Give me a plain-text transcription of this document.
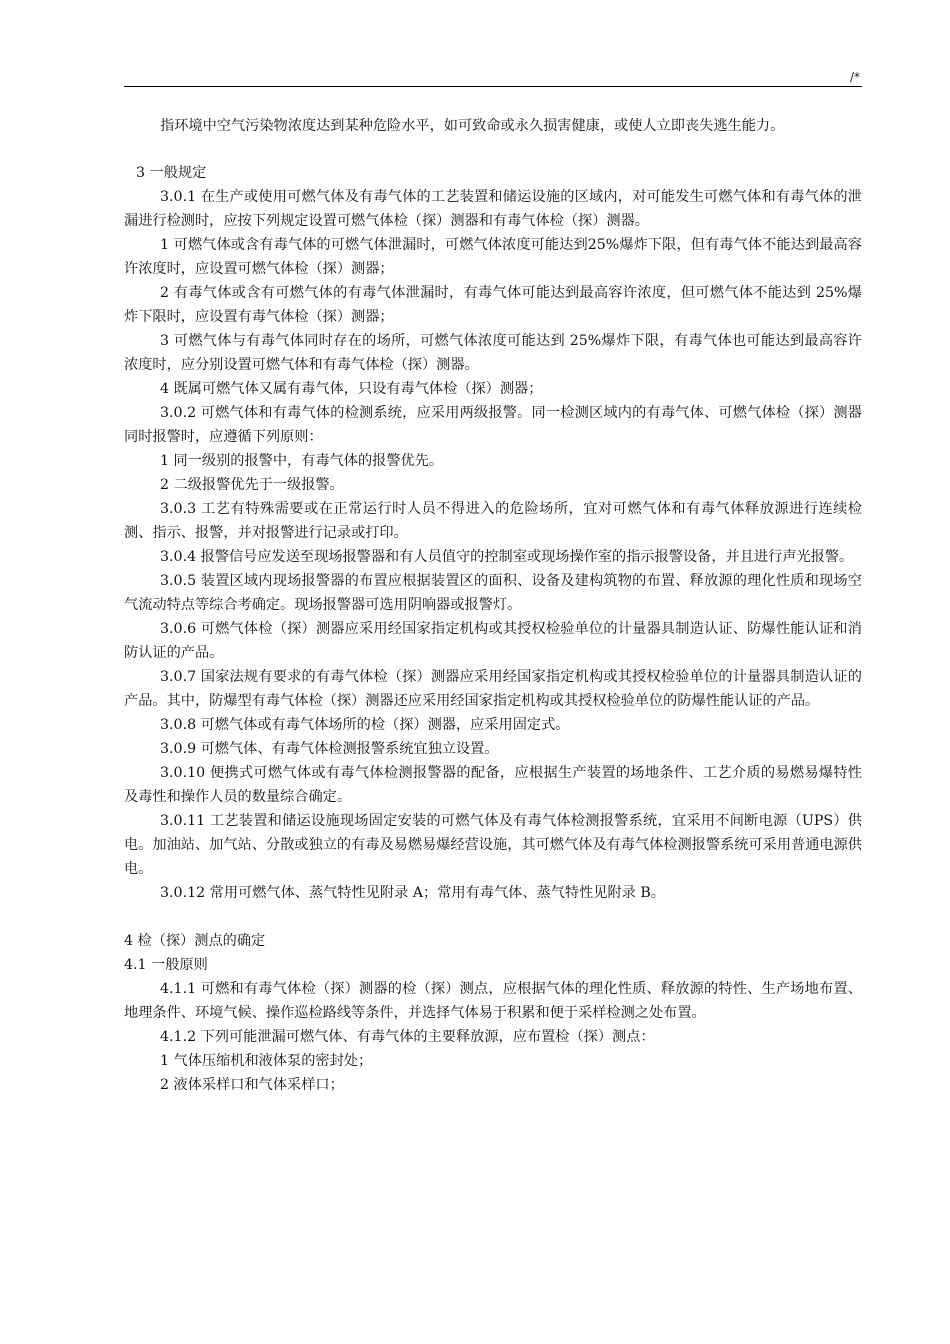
/*

指环境中空气污染物浓度达到某种危险水平，如可致命或永久损害健康，或使人立即丧失逃生能力。

3 一般规定

3.0.1 在生产或使用可燃气体及有毒气体的工艺装置和储运设施的区域内，对可能发生可燃气体和有毒气体的泄漏进行检测时，应按下列规定设置可燃气体检（探）测器和有毒气体检（探）测器。

1 可燃气体或含有毒气体的可燃气体泄漏时，可燃气体浓度可能达到25%爆炸下限，但有毒气体不能达到最高容许浓度时，应设置可燃气体检（探）测器；

2 有毒气体或含有可燃气体的有毒气体泄漏时，有毒气体可能达到最高容许浓度，但可燃气体不能达到 25%爆炸下限时，应设置有毒气体检（探）测器；

3 可燃气体与有毒气体同时存在的场所，可燃气体浓度可能达到 25%爆炸下限，有毒气体也可能达到最高容许浓度时，应分别设置可燃气体和有毒气体检（探）测器。

4 既属可燃气体又属有毒气体，只设有毒气体检（探）测器；

3.0.2 可燃气体和有毒气体的检测系统，应采用两级报警。同一检测区域内的有毒气体、可燃气体检（探）测器同时报警时，应遵循下列原则：

1 同一级别的报警中，有毒气体的报警优先。

2 二级报警优先于一级报警。

3.0.3 工艺有特殊需要或在正常运行时人员不得进入的危险场所，宜对可燃气体和有毒气体释放源进行连续检测、指示、报警，并对报警进行记录或打印。

3.0.4 报警信号应发送至现场报警器和有人员值守的控制室或现场操作室的指示报警设备，并且进行声光报警。

3.0.5 装置区域内现场报警器的布置应根据装置区的面积、设备及建构筑物的布置、释放源的理化性质和现场空气流动特点等综合考确定。现场报警器可选用阴响器或报警灯。

3.0.6 可燃气体检（探）测器应采用经国家指定机构或其授权检验单位的计量器具制造认证、防爆性能认证和消防认证的产品。

3.0.7 国家法规有要求的有毒气体检（探）测器应采用经国家指定机构或其授权检验单位的计量器具制造认证的产品。其中，防爆型有毒气体检（探）测器还应采用经国家指定机构或其授权检验单位的防爆性能认证的产品。

3.0.8 可燃气体或有毒气体场所的检（探）测器，应采用固定式。

3.0.9 可燃气体、有毒气体检测报警系统宜独立设置。

3.0.10 便携式可燃气体或有毒气体检测报警器的配备，应根据生产装置的场地条件、工艺介质的易燃易爆特性及毒性和操作人员的数量综合确定。

3.0.11 工艺装置和储运设施现场固定安装的可燃气体及有毒气体检测报警系统，宜采用不间断电源（UPS）供电。加油站、加气站、分散或独立的有毒及易燃易爆经营设施，其可燃气体及有毒气体检测报警系统可采用普通电源供电。

3.0.12 常用可燃气体、蒸气特性见附录 A；常用有毒气体、蒸气特性见附录 B。

4 检（探）测点的确定

4.1 一般原则

4.1.1 可燃和有毒气体检（探）测器的检（探）测点，应根据气体的理化性质、释放源的特性、生产场地布置、地理条件、环境气候、操作巡检路线等条件，并选择气体易于积累和便于采样检测之处布置。

4.1.2 下列可能泄漏可燃气体、有毒气体的主要释放源，应布置检（探）测点：

1 气体压缩机和液体泵的密封处；

2 液体采样口和气体采样口；
